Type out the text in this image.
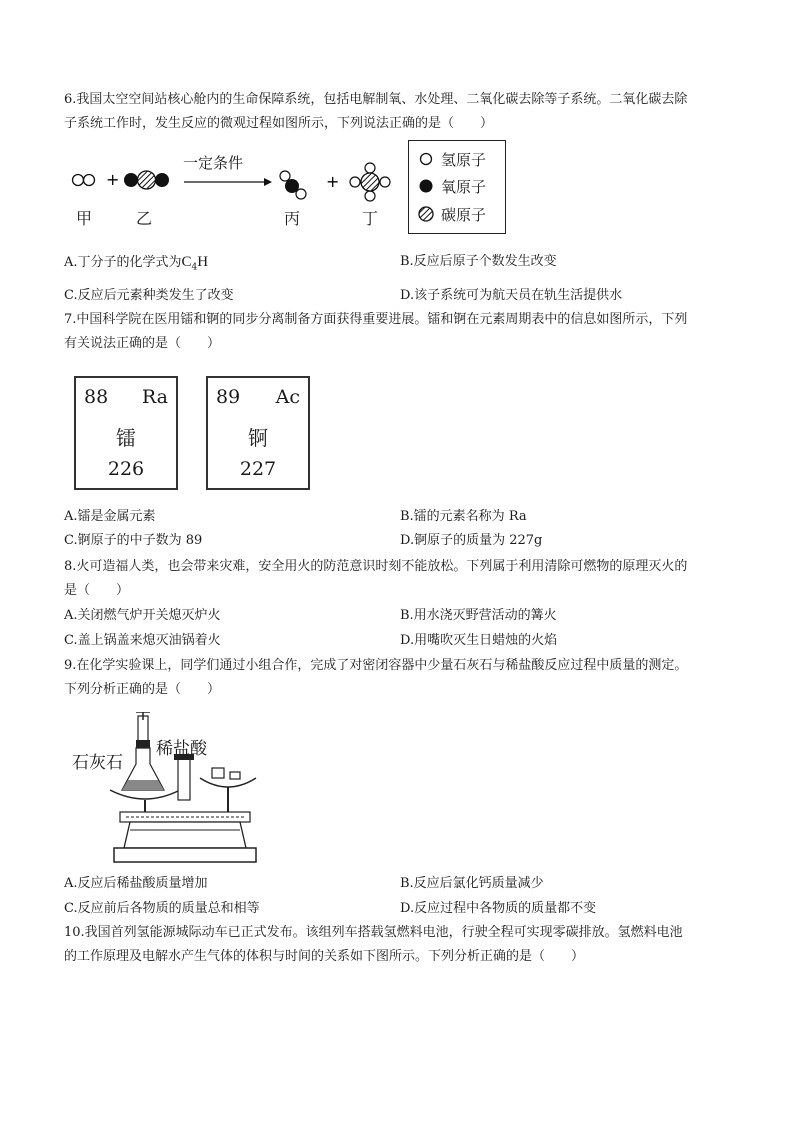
6.我国太空空间站核心舱内的生命保障系统，包括电解制氧、水处理、二氧化碳去除等子系统。二氧化碳去除
子系统工作时，发生反应的微观过程如图所示，下列说法正确的是（　　）
+	+
一定条件
甲	乙	丙	丁
氢原子
氧原子
碳原子
A.丁分子的化学式为$C_4H$	B.反应后原子个数发生改变
C.反应后元素种类发生了改变	D.该子系统可为航天员在轨生活提供水
7.中国科学院在医用镭和锕的同步分离制备方面获得重要进展。镭和锕在元素周期表中的信息如图所示，下列
有关说法正确的是（　　）
88 Ra
镭
226
89 Ac
锕
227
A.镭是金属元素	B.镭的元素名称为 Ra
C.锕原子的中子数为 89	D.锕原子的质量为 227g
8.火可造福人类，也会带来灾难，安全用火的防范意识时刻不能放松。下列属于利用清除可燃物的原理灭火的
是（　　）
A.关闭燃气炉开关熄灭炉火	B.用水浇灭野营活动的篝火
C.盖上锅盖来熄灭油锅着火	D.用嘴吹灭生日蜡烛的火焰
9.在化学实验课上，同学们通过小组合作，完成了对密闭容器中少量石灰石与稀盐酸反应过程中质量的测定。
下列分析正确的是（　　）
石灰石
稀盐酸
A.反应后稀盐酸质量增加	B.反应后氯化钙质量减少
C.反应前后各物质的质量总和相等	D.反应过程中各物质的质量都不变
10.我国首列氢能源城际动车已正式发布。该组列车搭载氢燃料电池，行驶全程可实现零碳排放。氢燃料电池
的工作原理及电解水产生气体的体积与时间的关系如下图所示。下列分析正确的是（　　）
